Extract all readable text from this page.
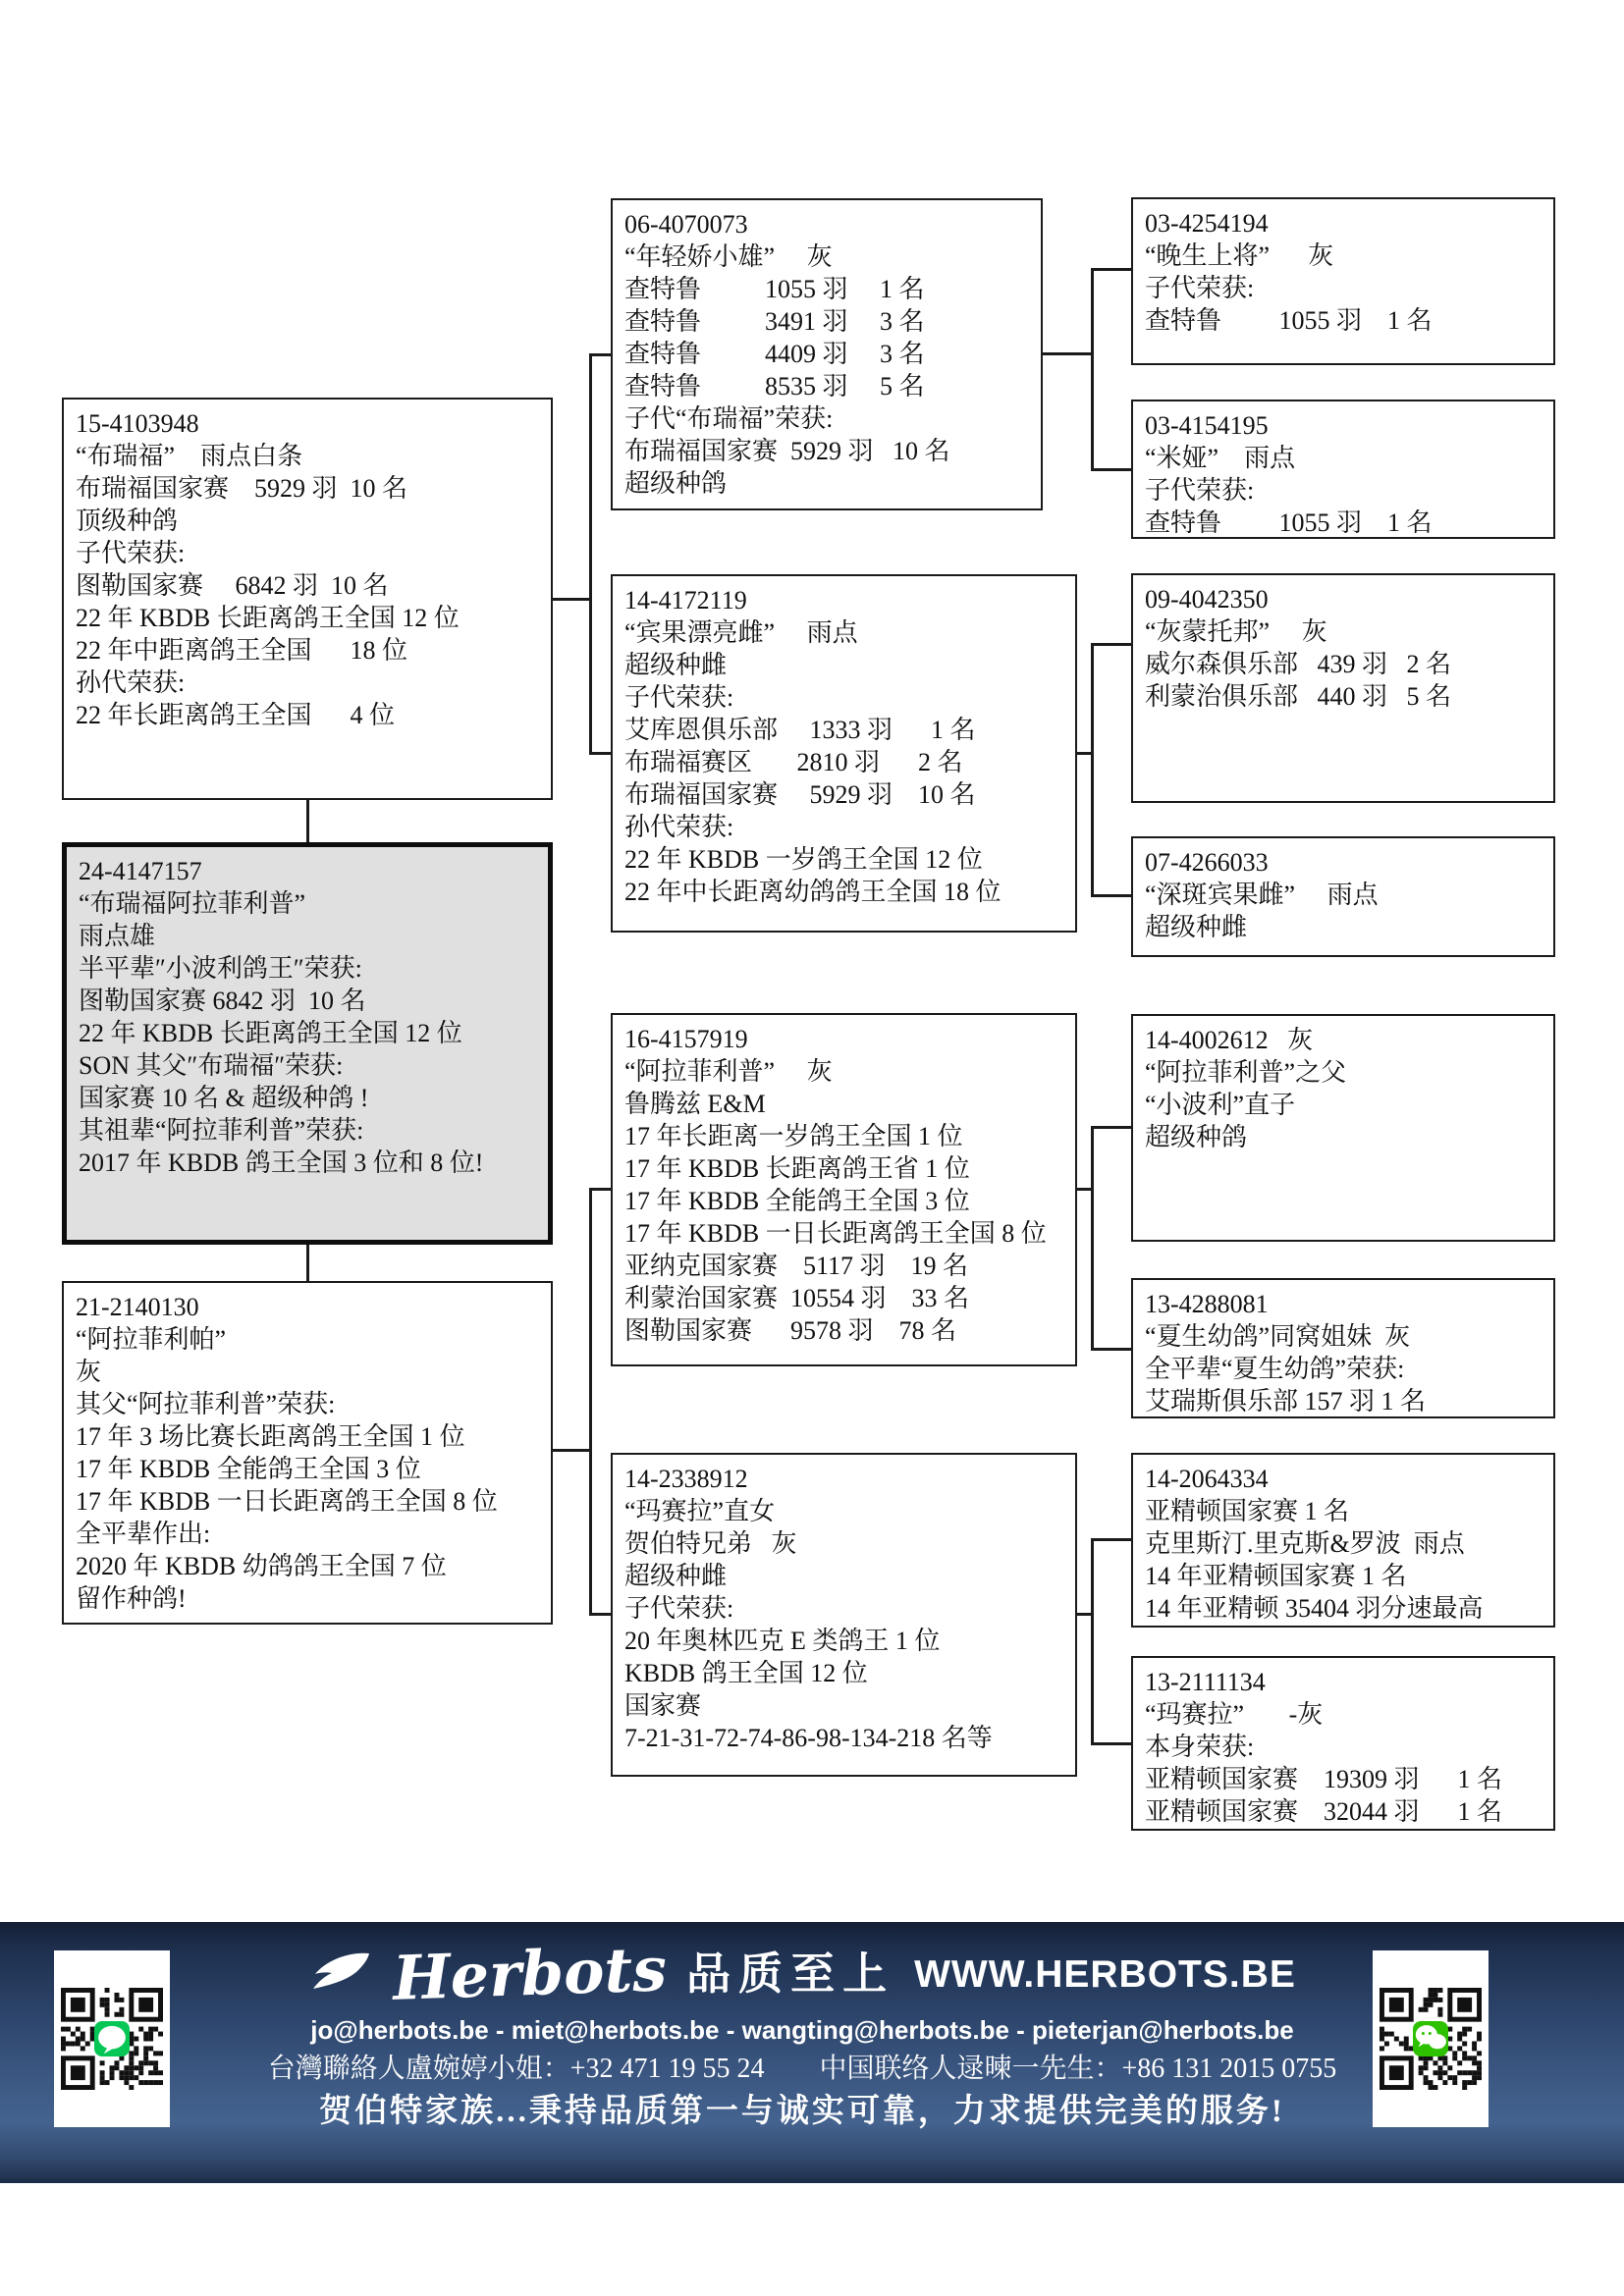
15-4103948
“布瑞福”    雨点白条
布瑞福国家赛    5929 羽  10 名
顶级种鸽
子代荣获:
图勒国家赛     6842 羽  10 名
22 年 KBDB 长距离鸽王全国 12 位
22 年中距离鸽王全国      18 位
孙代荣获:
22 年长距离鸽王全国      4 位
24-4147157
“布瑞福阿拉菲利普”
雨点雄
半平辈″小波利鸽王″荣获:
图勒国家赛 6842 羽  10 名
22 年 KBDB 长距离鸽王全国 12 位
SON 其父″布瑞福″荣获:
国家赛 10 名 & 超级种鸽 !
其祖辈“阿拉菲利普”荣获:
2017 年 KBDB 鸽王全国 3 位和 8 位!
21-2140130
“阿拉菲利帕”
灰
其父“阿拉菲利普”荣获:
17 年 3 场比赛长距离鸽王全国 1 位
17 年 KBDB 全能鸽王全国 3 位
17 年 KBDB 一日长距离鸽王全国 8 位
全平辈作出:
2020 年 KBDB 幼鸽鸽王全国 7 位
留作种鸽!
06-4070073
“年轻娇小雄”     灰
查特鲁          1055 羽     1 名
查特鲁          3491 羽     3 名
查特鲁          4409 羽     3 名
查特鲁          8535 羽     5 名
子代“布瑞福”荣获:
布瑞福国家赛  5929 羽   10 名
超级种鸽
14-4172119
“宾果漂亮雌”     雨点
超级种雌
子代荣获:
艾库恩俱乐部     1333 羽      1 名
布瑞福赛区       2810 羽      2 名
布瑞福国家赛     5929 羽    10 名
孙代荣获:
22 年 KBDB 一岁鸽王全国 12 位
22 年中长距离幼鸽鸽王全国 18 位
16-4157919
“阿拉菲利普”     灰
鲁腾兹 E&M
17 年长距离一岁鸽王全国 1 位
17 年 KBDB 长距离鸽王省 1 位
17 年 KBDB 全能鸽王全国 3 位
17 年 KBDB 一日长距离鸽王全国 8 位
亚纳克国家赛    5117 羽    19 名
利蒙治国家赛  10554 羽    33 名
图勒国家赛      9578 羽    78 名
14-2338912
“玛赛拉”直女
贺伯特兄弟   灰
超级种雌
子代荣获:
20 年奥林匹克 E 类鸽王 1 位
KBDB 鸽王全国 12 位
国家赛
7-21-31-72-74-86-98-134-218 名等
03-4254194
“晚生上将”      灰
子代荣获:
查特鲁         1055 羽    1 名
03-4154195
“米娅”    雨点
子代荣获:
查特鲁         1055 羽    1 名
09-4042350
“灰蒙托邦”     灰
威尔森俱乐部   439 羽   2 名
利蒙治俱乐部   440 羽   5 名
07-4266033
“深斑宾果雌”     雨点
超级种雌
14-4002612   灰
“阿拉菲利普”之父
“小波利”直子
超级种鸽
13-4288081
“夏生幼鸽”同窝姐妹  灰
全平辈“夏生幼鸽”荣获:
艾瑞斯俱乐部 157 羽 1 名
14-2064334
亚精顿国家赛 1 名
克里斯汀.里克斯&罗波  雨点
14 年亚精顿国家赛 1 名
14 年亚精顿 35404 羽分速最高
13-2111134
“玛赛拉”       -灰
本身荣获:
亚精顿国家赛    19309 羽      1 名
亚精顿国家赛    32044 羽      1 名
Herbots 品质至上 WWW.HERBOTS.BE
jo@herbots.be - miet@herbots.be - wangting@herbots.be - pieterjan@herbots.be
台灣聯絡人盧婉婷小姐：+32 471 19 55 24 中国联络人逯暕一先生：+86 131 2015 0755
贺伯特家族...秉持品质第一与诚实可靠，力求提供完美的服务!
